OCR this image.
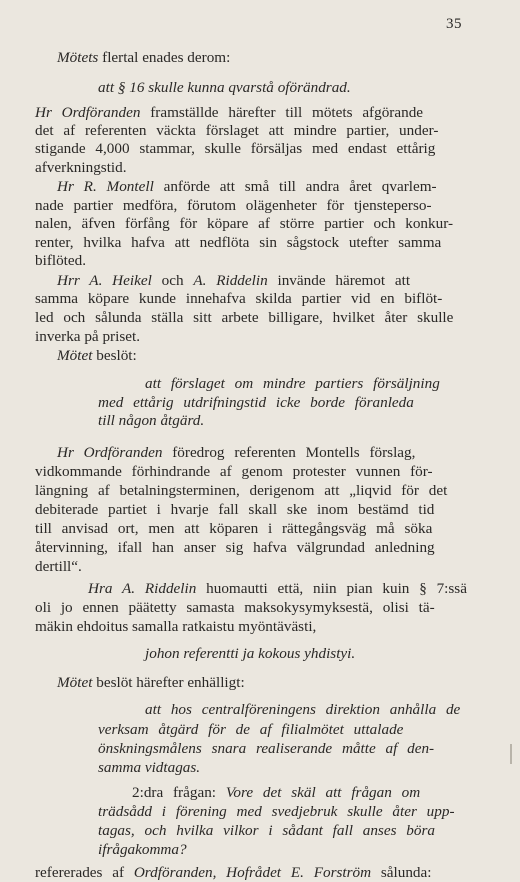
35
Mötets flertal enades derom:
att § 16 skulle kunna qvarstå oförändrad.
Hr Ordföranden framställde härefter till mötets afgörande
det af referenten väckta förslaget att mindre partier, under-
stigande 4,000 stammar, skulle försäljas med endast ettårig
afverkningstid.
Hr R. Montell anförde att små till andra året qvarlem-
nade partier medföra, förutom olägenheter för tjensteperso-
nalen, äfven förfång för köpare af större partier och konkur-
renter, hvilka hafva att nedflöta sin sågstock utefter samma
biflöted.
Hrr A. Heikel och A. Riddelin invände häremot att
samma köpare kunde innehafva skilda partier vid en biflöt-
led och sålunda ställa sitt arbete billigare, hvilket åter skulle
inverka på priset.
Mötet beslöt:
att förslaget om mindre partiers försäljning
med ettårig utdrifningstid icke borde föranleda
till någon åtgärd.
Hr Ordföranden föredrog referenten Montells förslag,
vidkommande förhindrande af genom protester vunnen för-
längning af betalningsterminen, derigenom att „liqvid för det
debiterade partiet i hvarje fall skall ske inom bestämd tid
till anvisad ort, men att köparen i rättegångsväg må söka
återvinning, ifall han anser sig hafva välgrundad anledning
dertill“.
Hra A. Riddelin huomautti että, niin pian kuin § 7:ssä
oli jo ennen päätetty samasta maksokysymyksestä, olisi tä-
mäkin ehdoitus samalla ratkaistu myöntävästi,
johon referentti ja kokous yhdistyi.
Mötet beslöt härefter enhälligt:
att hos centralföreningens direktion anhålla de
verksam åtgärd för de af filialmötet uttalade
önskningsmålens snara realiserande måtte af den-
samma vidtagas.
2:dra frågan: Vore det skäl att frågan om
trädsådd i förening med svedjebruk skulle åter upp-
tagas, och hvilka vilkor i sådant fall anses böra
ifrågakomma?
refererades af Ordföranden, Hofrådet E. Forström sålunda:
